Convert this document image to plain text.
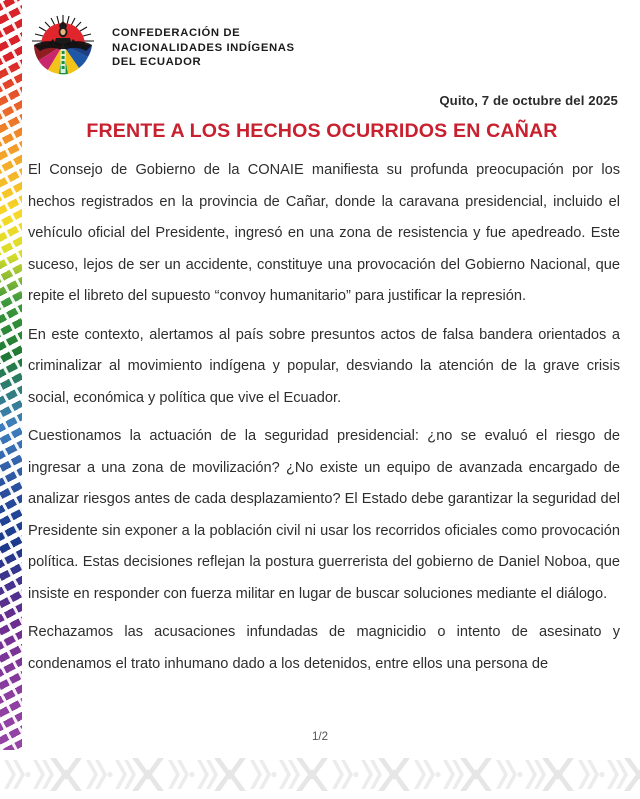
CONFEDERACIÓN DE
NACIONALIDADES INDÍGENAS
DEL ECUADOR
Quito, 7 de octubre del 2025
FRENTE A LOS HECHOS OCURRIDOS EN CAÑAR

El Consejo de Gobierno de la CONAIE manifiesta su profunda preocupación por los hechos registrados en la provincia de Cañar, donde la caravana presidencial, incluido el vehículo oficial del Presidente, ingresó en una zona de resistencia y fue apedreado. Este suceso, lejos de ser un accidente, constituye una provocación del Gobierno Nacional, que repite el libreto del supuesto “convoy humanitario” para justificar la represión.

En este contexto, alertamos al país sobre presuntos actos de falsa bandera orientados a criminalizar al movimiento indígena y popular, desviando la atención de la grave crisis social, económica y política que vive el Ecuador.

Cuestionamos la actuación de la seguridad presidencial: ¿no se evaluó el riesgo de ingresar a una zona de movilización? ¿No existe un equipo de avanzada encargado de analizar riesgos antes de cada desplazamiento? El Estado debe garantizar la seguridad del Presidente sin exponer a la población civil ni usar los recorridos oficiales como provocación política. Estas decisiones reflejan la postura guerrerista del gobierno de Daniel Noboa, que insiste en responder con fuerza militar en lugar de buscar soluciones mediante el diálogo.

Rechazamos las acusaciones infundadas de magnicidio o intento de asesinato y condenamos el trato inhumano dado a los detenidos, entre ellos una persona de

1/2
